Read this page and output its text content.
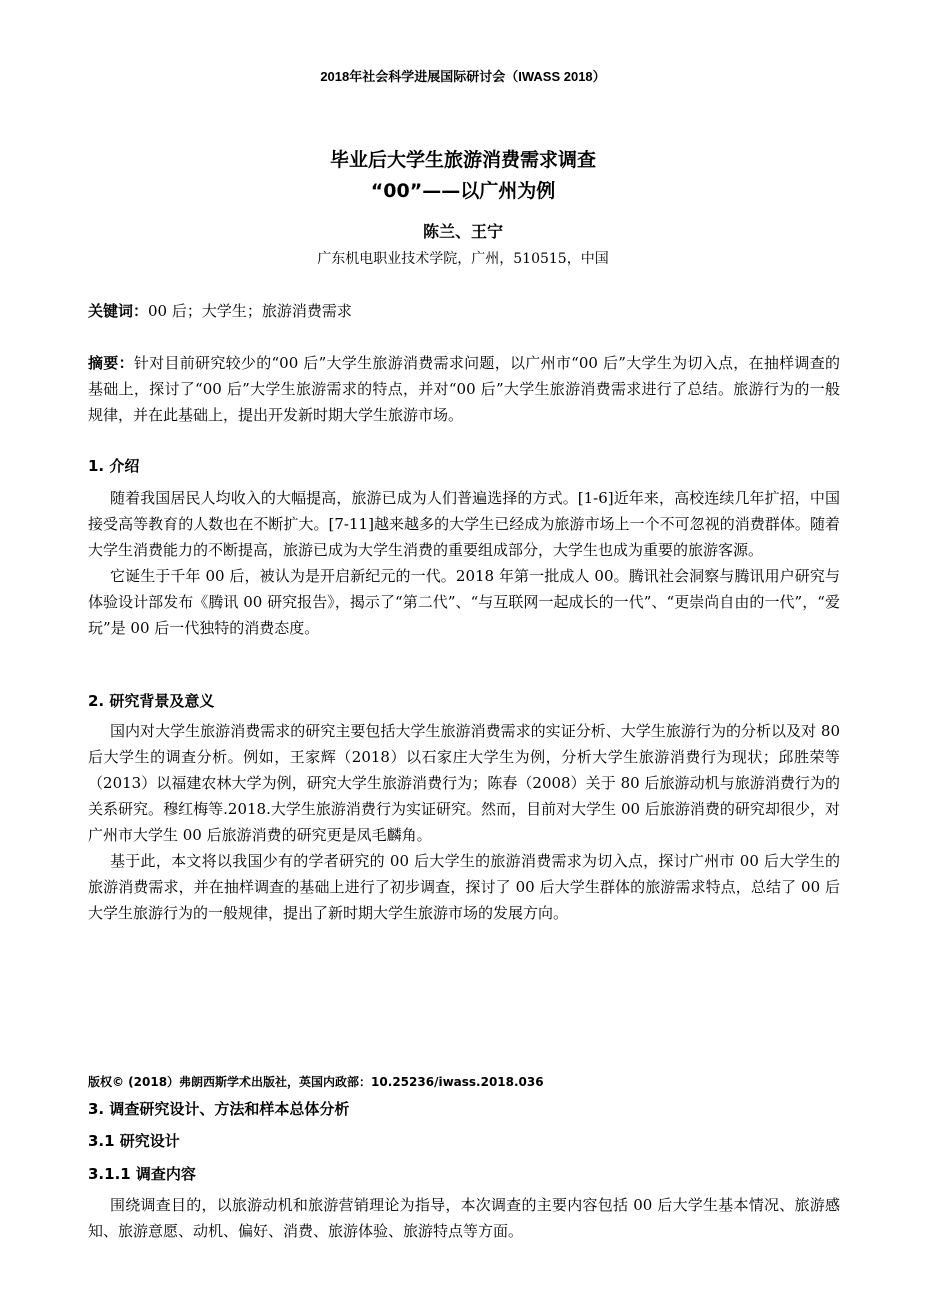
2018年社会科学进展国际研讨会（IWASS 2018）
毕业后大学生旅游消费需求调查
“00”——以广州为例
陈兰、王宁
广东机电职业技术学院，广州，510515，中国
关键词：00 后；大学生；旅游消费需求
摘要：针对目前研究较少的“00 后”大学生旅游消费需求问题，以广州市“00 后”大学生为切入点，在抽样调查的基础上，探讨了“00 后”大学生旅游需求的特点，并对“00 后”大学生旅游消费需求进行了总结。旅游行为的一般规律，并在此基础上，提出开发新时期大学生旅游市场。
1. 介绍

随着我国居民人均收入的大幅提高，旅游已成为人们普遍选择的方式。[1-6]近年来，高校连续几年扩招，中国接受高等教育的人数也在不断扩大。[7-11]越来越多的大学生已经成为旅游市场上一个不可忽视的消费群体。随着大学生消费能力的不断提高，旅游已成为大学生消费的重要组成部分，大学生也成为重要的旅游客源。

它诞生于千年 00 后，被认为是开启新纪元的一代。2018 年第一批成人 00。腾讯社会洞察与腾讯用户研究与体验设计部发布《腾讯 00 研究报告》，揭示了“第二代”、“与互联网一起成长的一代”、“更崇尚自由的一代”，“爱玩”是 00 后一代独特的消费态度。

2. 研究背景及意义

国内对大学生旅游消费需求的研究主要包括大学生旅游消费需求的实证分析、大学生旅游行为的分析以及对 80 后大学生的调查分析。例如，王家辉（2018）以石家庄大学生为例，分析大学生旅游消费行为现状；邱胜荣等（2013）以福建农林大学为例，研究大学生旅游消费行为；陈春（2008）关于 80 后旅游动机与旅游消费行为的关系研究。穆红梅等.2018.大学生旅游消费行为实证研究。然而，目前对大学生 00 后旅游消费的研究却很少，对广州市大学生 00 后旅游消费的研究更是凤毛麟角。

基于此，本文将以我国少有的学者研究的 00 后大学生的旅游消费需求为切入点，探讨广州市 00 后大学生的旅游消费需求，并在抽样调查的基础上进行了初步调查，探讨了 00 后大学生群体的旅游需求特点，总结了 00 后大学生旅游行为的一般规律，提出了新时期大学生旅游市场的发展方向。

版权© (2018）弗朗西斯学术出版社，英国内政部：10.25236/iwass.2018.036
3. 调查研究设计、方法和样本总体分析
3.1 研究设计
3.1.1 调查内容

围绕调查目的，以旅游动机和旅游营销理论为指导，本次调查的主要内容包括 00 后大学生基本情况、旅游感知、旅游意愿、动机、偏好、消费、旅游体验、旅游特点等方面。
